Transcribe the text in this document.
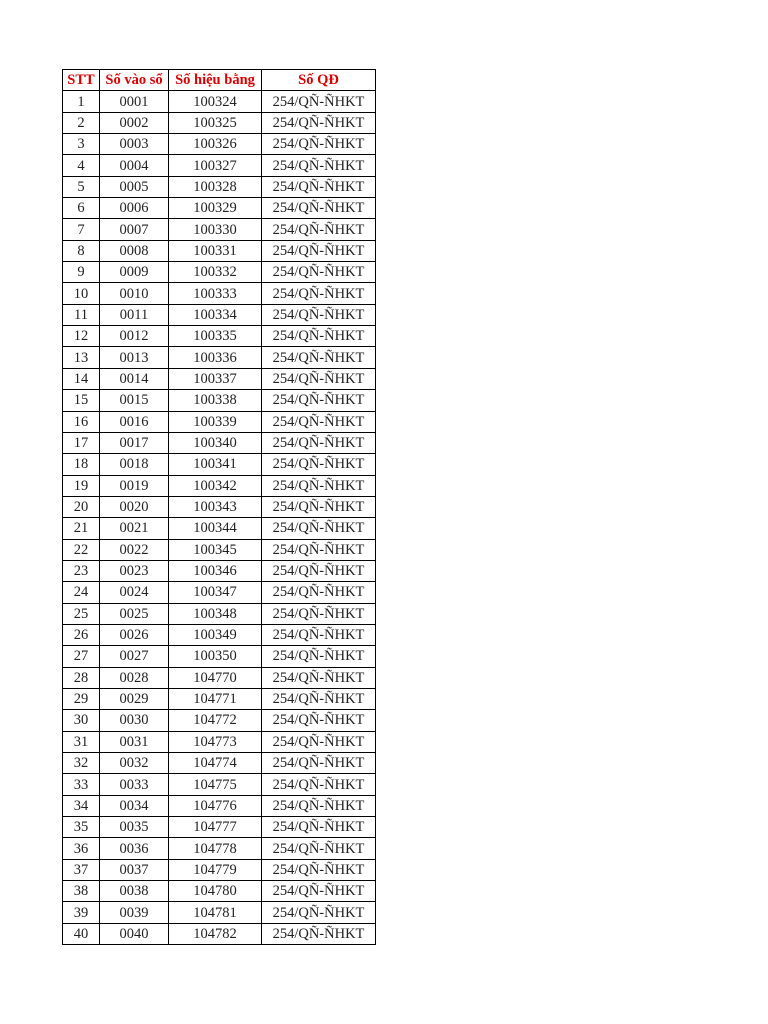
STT	Số vào sổ	Số hiệu bằng	Số QĐ
1	0001	100324	254/QÑ-ÑHKT
2	0002	100325	254/QÑ-ÑHKT
3	0003	100326	254/QÑ-ÑHKT
4	0004	100327	254/QÑ-ÑHKT
5	0005	100328	254/QÑ-ÑHKT
6	0006	100329	254/QÑ-ÑHKT
7	0007	100330	254/QÑ-ÑHKT
8	0008	100331	254/QÑ-ÑHKT
9	0009	100332	254/QÑ-ÑHKT
10	0010	100333	254/QÑ-ÑHKT
11	0011	100334	254/QÑ-ÑHKT
12	0012	100335	254/QÑ-ÑHKT
13	0013	100336	254/QÑ-ÑHKT
14	0014	100337	254/QÑ-ÑHKT
15	0015	100338	254/QÑ-ÑHKT
16	0016	100339	254/QÑ-ÑHKT
17	0017	100340	254/QÑ-ÑHKT
18	0018	100341	254/QÑ-ÑHKT
19	0019	100342	254/QÑ-ÑHKT
20	0020	100343	254/QÑ-ÑHKT
21	0021	100344	254/QÑ-ÑHKT
22	0022	100345	254/QÑ-ÑHKT
23	0023	100346	254/QÑ-ÑHKT
24	0024	100347	254/QÑ-ÑHKT
25	0025	100348	254/QÑ-ÑHKT
26	0026	100349	254/QÑ-ÑHKT
27	0027	100350	254/QÑ-ÑHKT
28	0028	104770	254/QÑ-ÑHKT
29	0029	104771	254/QÑ-ÑHKT
30	0030	104772	254/QÑ-ÑHKT
31	0031	104773	254/QÑ-ÑHKT
32	0032	104774	254/QÑ-ÑHKT
33	0033	104775	254/QÑ-ÑHKT
34	0034	104776	254/QÑ-ÑHKT
35	0035	104777	254/QÑ-ÑHKT
36	0036	104778	254/QÑ-ÑHKT
37	0037	104779	254/QÑ-ÑHKT
38	0038	104780	254/QÑ-ÑHKT
39	0039	104781	254/QÑ-ÑHKT
40	0040	104782	254/QÑ-ÑHKT
